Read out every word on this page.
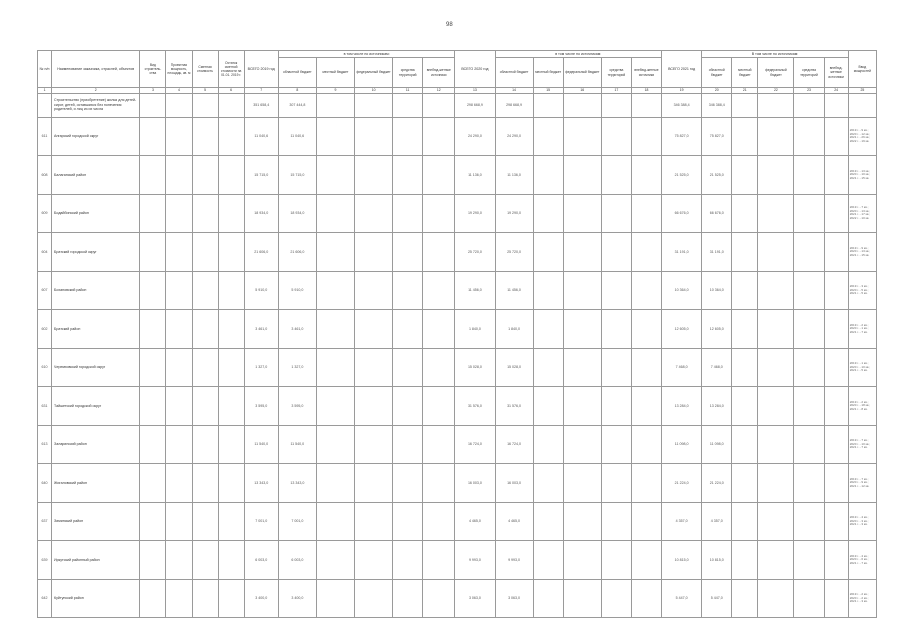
98
№ п/п	Наименование заказчика, отраслей, объектов	Вид строитель-ства	Проектная мощность, площадь, кв. м	Сметная стоимость	Остаток сметной стоимости на 01.01. 2019 г.	ВСЕГО 2019 год	в том числе по источникам:					ВСЕГО 2020 год	в том числе по источникам:					ВСЕГО 2021 год	В том числе по источникам:					Ввод мощностей
							областной бюджет	местный бюджет	федеральный бюджет	средства территорий	внебюд-жетные источники		областной бюджет	местный бюджет	федеральный бюджет	средства территорий	внебюд-жетные источники		областной бюджет	местный бюджет	федеральный бюджет	средства территорий	внебюд-жетные источники	
1	2	3	4	5	6	7	8	9	10	11	12	13	14	15	16	17	18	19	20	21	22	23	24	25
	Строительство (приобретение) жилья для детей-сирот, детей, оставшихся без попечения родителей, и лиц из их числа					351 658,4	307 444,8					298 668,9	298 668,9					346 388,4	346 388,4					
611	Ангарский городской округ					11 040,6	11 040,6					24 290,0	24 290,0					75 827,0	75 827,0					2019 г. - 9 кв.; 2020 г. - 12 кв.; 2021 г. - 26 кв.; 2022 г. - 19 кв.
608	Балаганский район					15 715,0	15 715,0					11 136,0	11 136,0					21 525,0	21 525,0					2019 г. - 13 кв.; 2020 г. - 10 кв.; 2021 г. - 15 кв.
609	Бодайбинский район					18 934,0	18 934,0					19 290,0	19 290,0					66 676,0	66 676,0					2019 г. - 7 кв.; 2020 г. - 13 кв.; 2021 г. - 17 кв.; 2022 г. - 10 кв.
604	Братский городской округ					21 606,0	21 606,0					25 720,0	25 720,0					31 191,0	31 191,0					2019 г. - 9 кв.; 2020 г. - 13 кв.; 2021 г. - 15 кв.
607	Бохановский район					5 910,0	5 910,0					11 456,0	11 456,0					10 364,0	10 364,0					2019 г. - 3 кв.; 2020 г. - 5 кв.; 2021 г. - 5 кв.
602	Братский район					3 461,0	3 461,0					1 840,0	1 840,0					12 605,0	12 605,0					2019 г. - 2 кв.; 2020 г. - 1 кв.; 2021 г. - 7 кв.
610	Черемховский городской округ					1 327,0	1 327,0					15 028,0	15 028,0					7 468,0	7 468,0					2019 г. - 1 кв.; 2020 г. - 10 кв.; 2021 г. - 5 кв.
631	Тайшетский городской округ					3 595,0	3 595,0					31 576,0	31 576,0					13 284,0	13 284,0					2019 г. - 2 кв.; 2020 г. - 18 кв.; 2021 г. - 8 кв.
613	Заларинский район					11 540,0	11 540,0					16 724,0	16 724,0					11 098,0	11 098,0					2019 г. - 7 кв.; 2020 г. - 10 кв.; 2021 г. - 7 кв.
640	Жигаловский район					13 343,0	13 343,0					16 003,0	16 003,0					21 224,0	21 224,0					2019 г. - 7 кв.; 2020 г. - 9 кв.; 2021 г. - 12 кв.
637	Зиминский район					7 001,0	7 001,0					4 465,0	4 465,0					4 357,0	4 357,0					2019 г. - 4 кв.; 2020 г. - 3 кв.; 2021 г. - 3 кв.
639	Иркутский районный район					6 003,0	6 003,0					9 993,0	9 993,0					10 815,0	10 815,0					2019 г. - 4 кв.; 2020 г. - 6 кв.; 2021 г. - 7 кв.
642	Куйтунский район					3 400,0	3 400,0					3 063,0	3 063,0					5 447,0	5 447,0					2019 г. - 2 кв.; 2020 г. - 2 кв.; 2021 г. - 3 кв.
